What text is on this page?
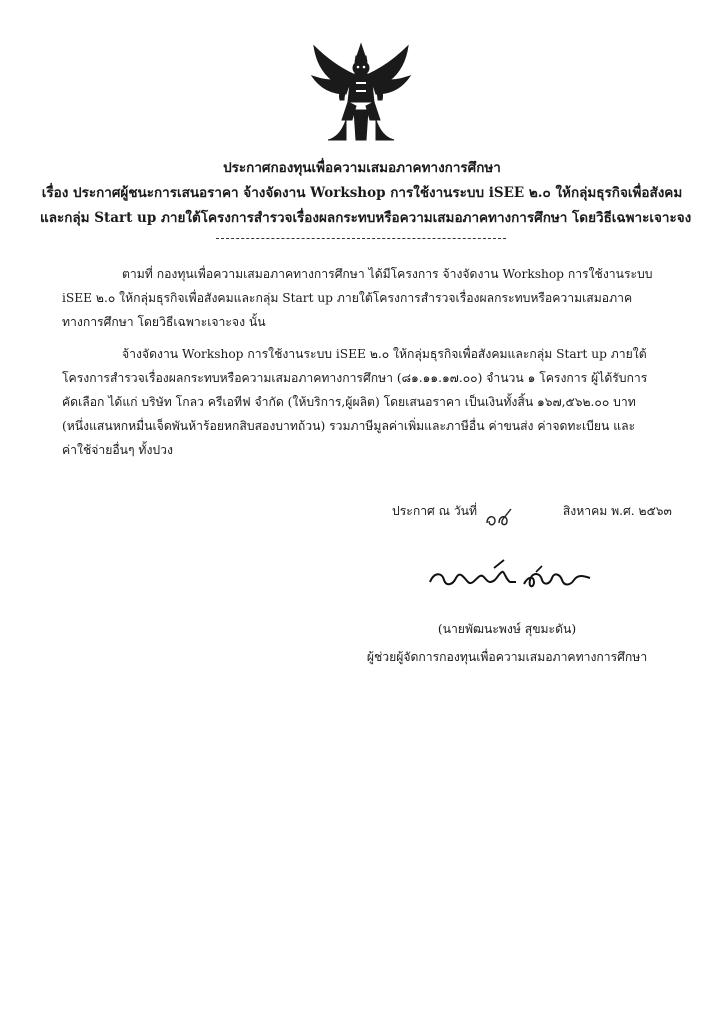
ประกาศกองทุนเพื่อความเสมอภาคทางการศึกษา
เรื่อง ประกาศผู้ชนะการเสนอราคา จ้างจัดงาน Workshop การใช้งานระบบ iSEE ๒.๐ ให้กลุ่มธุรกิจเพื่อสังคม
และกลุ่ม Start up ภายใต้โครงการสำรวจเรื่องผลกระทบหรือความเสมอภาคทางการศึกษา โดยวิธีเฉพาะเจาะจง
ตามที่ กองทุนเพื่อความเสมอภาคทางการศึกษา ได้มีโครงการ จ้างจัดงาน Workshop การใช้งานระบบ
iSEE ๒.๐ ให้กลุ่มธุรกิจเพื่อสังคมและกลุ่ม Start up ภายใต้โครงการสำรวจเรื่องผลกระทบหรือความเสมอภาค
ทางการศึกษา โดยวิธีเฉพาะเจาะจง นั้น
จ้างจัดงาน Workshop การใช้งานระบบ iSEE ๒.๐ ให้กลุ่มธุรกิจเพื่อสังคมและกลุ่ม Start up ภายใต้
โครงการสำรวจเรื่องผลกระทบหรือความเสมอภาคทางการศึกษา (๘๑.๑๑.๑๗.๐๐) จำนวน ๑ โครงการ ผู้ได้รับการ
คัดเลือก ได้แก่ บริษัท โกลว ครีเอทีฟ จำกัด (ให้บริการ,ผู้ผลิต) โดยเสนอราคา เป็นเงินทั้งสิ้น ๑๖๗,๕๖๒.๐๐ บาท
(หนึ่งแสนหกหมื่นเจ็ดพันห้าร้อยหกสิบสองบาทถ้วน) รวมภาษีมูลค่าเพิ่มและภาษีอื่น ค่าขนส่ง ค่าจดทะเบียน และ
ค่าใช้จ่ายอื่นๆ ทั้งปวง
ประกาศ ณ วันที่	สิงหาคม พ.ศ. ๒๕๖๓
(นายพัฒนะพงษ์ สุขมะดัน)
ผู้ช่วยผู้จัดการกองทุนเพื่อความเสมอภาคทางการศึกษา
